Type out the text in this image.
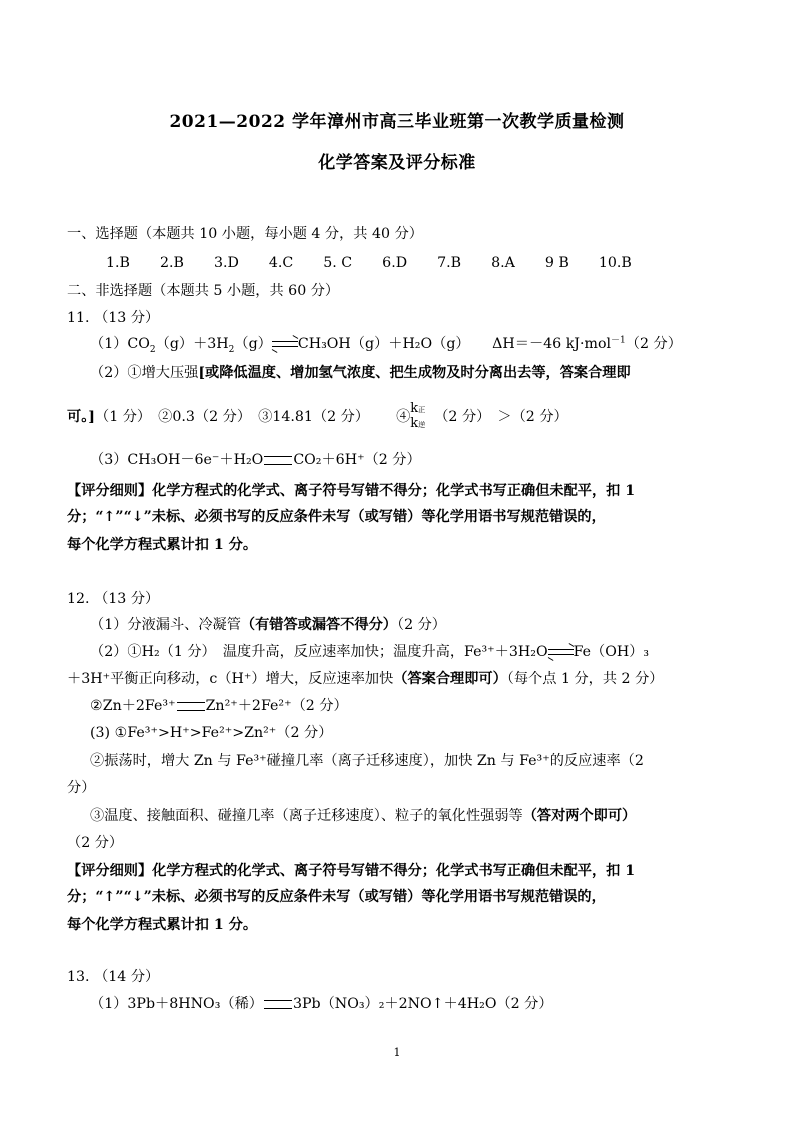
2021—2022 学年漳州市高三毕业班第一次教学质量检测
化学答案及评分标准
一、选择题（本题共 10 小题，每小题 4 分，共 40 分）
1.B 2.B 3.D 4.C 5. C 6.D 7.B 8.A 9 B 10.B
二、非选择题（本题共 5 小题，共 60 分）
11. （13 分）
$(1)CO_2(g)+3H_2(g)$ CH₃OH（g）＋H₂O（g） ΔH＝－46 kJ·mol$^{-1}$（2 分）
（2）①增大压强[或降低温度、增加氢气浓度、把生成物及时分离出去等，答案合理即
可。]（1 分）　②0.3（2 分）　③14.81（2 分） ④
k正
k逆 （2 分）　＞（2 分）
（3）CH₃OH－6e⁻＋H₂O CO₂＋6H⁺（2 分）
【评分细则】化学方程式的化学式、离子符号写错不得分；化学式书写正确但未配平，扣 1
分；“↑”“↓”未标、必须书写的反应条件未写（或写错）等化学用语书写规范错误的，
每个化学方程式累计扣 1 分。
12. （13 分）
（1）分液漏斗、冷凝管（有错答或漏答不得分）（2 分）
（2）①H₂（1 分）　温度升高，反应速率加快；温度升高，Fe³⁺＋3H₂O Fe（OH）₃
＋3H⁺平衡正向移动，c（H⁺）增大，反应速率加快（答案合理即可）（每个点 1 分，共 2 分）
②Zn＋2Fe³⁺ Zn²⁺＋2Fe²⁺（2 分）
(3) ①Fe³⁺>H⁺>Fe²⁺>Zn²⁺（2 分）
②振荡时，增大 Zn 与 Fe³⁺碰撞几率（离子迁移速度），加快 Zn 与 Fe³⁺的反应速率（2
分）
③温度、接触面积、碰撞几率（离子迁移速度）、粒子的氧化性强弱等（答对两个即可）
（2 分）
【评分细则】化学方程式的化学式、离子符号写错不得分；化学式书写正确但未配平，扣 1
分；“↑”“↓”未标、必须书写的反应条件未写（或写错）等化学用语书写规范错误的，
每个化学方程式累计扣 1 分。
13. （14 分）
（1）3Pb＋8HNO₃（稀） 3Pb（NO₃）₂＋2NO↑＋4H₂O（2 分）
1
